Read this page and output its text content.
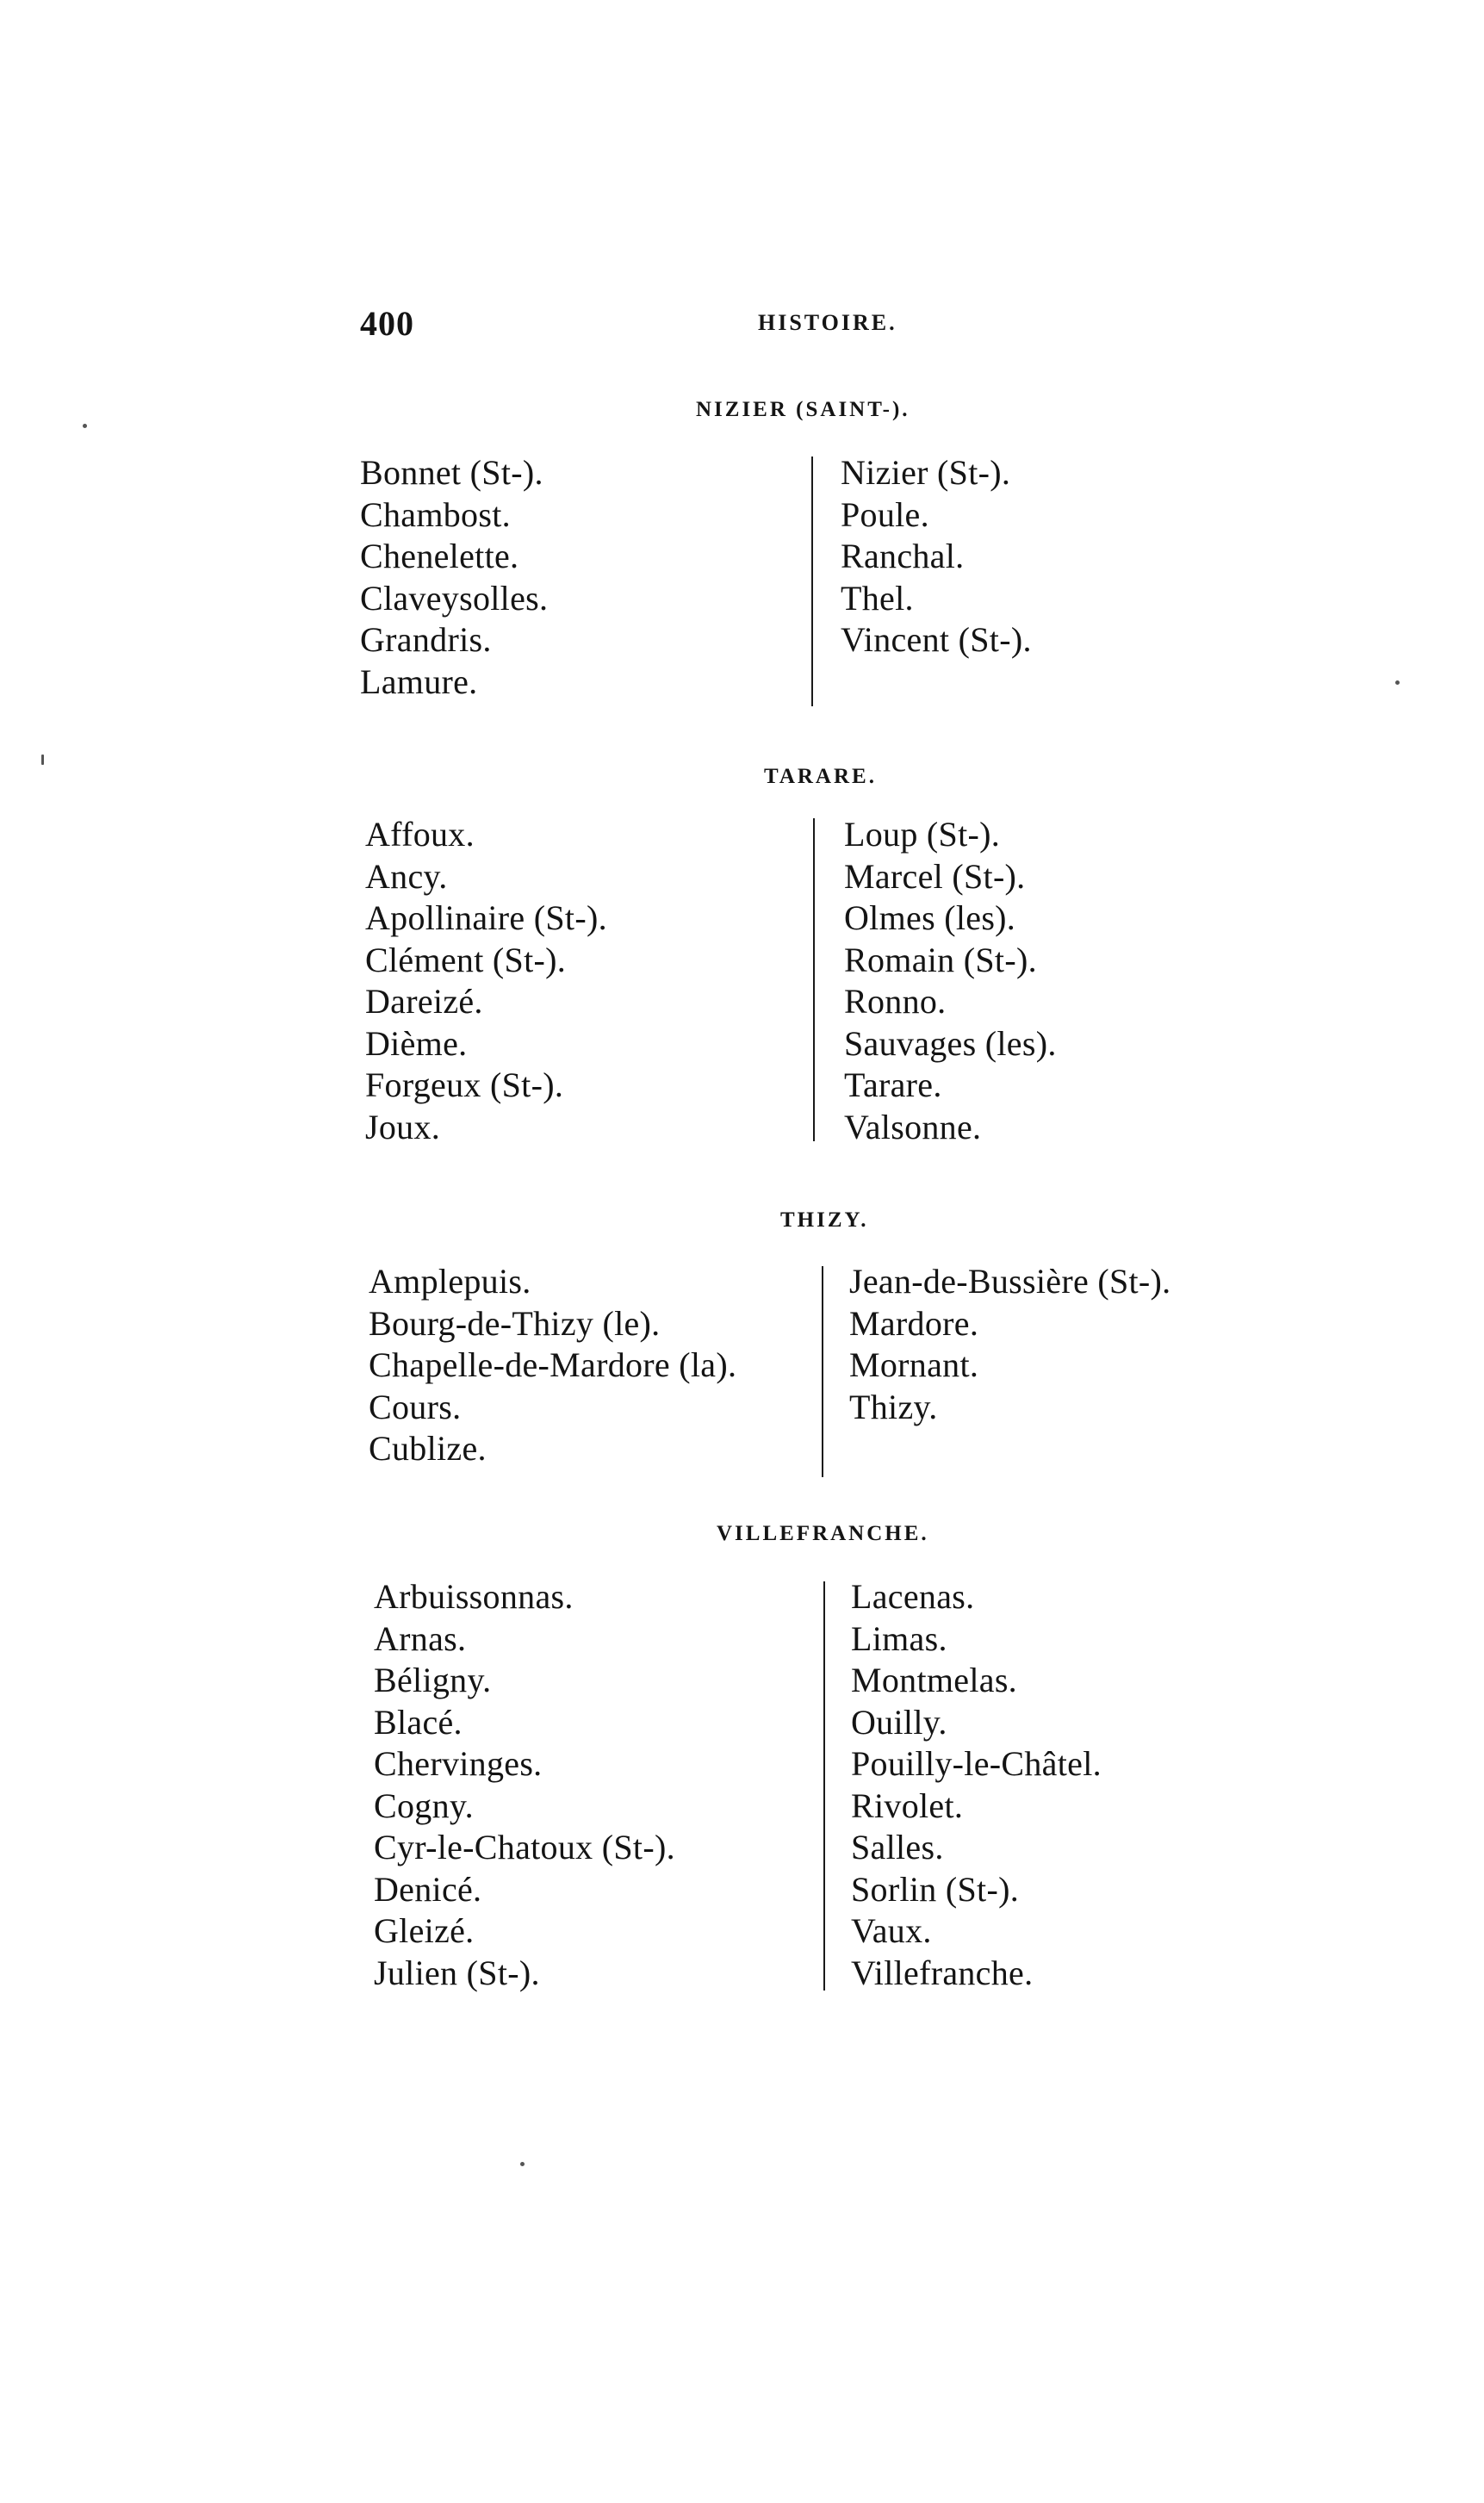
400	HISTOIRE.
NIZIER (SAINT-).
Bonnet (St-).
Chambost.
Chenelette.
Claveysolles.
Grandris.
Lamure.
Nizier (St-).
Poule.
Ranchal.
Thel.
Vincent (St-).
TARARE.
Affoux.
Ancy.
Apollinaire (St-).
Clément (St-).
Dareizé.
Dième.
Forgeux (St-).
Joux.
Loup (St-).
Marcel (St-).
Olmes (les).
Romain (St-).
Ronno.
Sauvages (les).
Tarare.
Valsonne.
THIZY.
Amplepuis.
Bourg-de-Thizy (le).
Chapelle-de-Mardore (la).
Cours.
Cublize.
Jean-de-Bussière (St-).
Mardore.
Mornant.
Thizy.
VILLEFRANCHE.
Arbuissonnas.
Arnas.
Béligny.
Blacé.
Chervinges.
Cogny.
Cyr-le-Chatoux (St-).
Denicé.
Gleizé.
Julien (St-).
Lacenas.
Limas.
Montmelas.
Ouilly.
Pouilly-le-Châtel.
Rivolet.
Salles.
Sorlin (St-).
Vaux.
Villefranche.
